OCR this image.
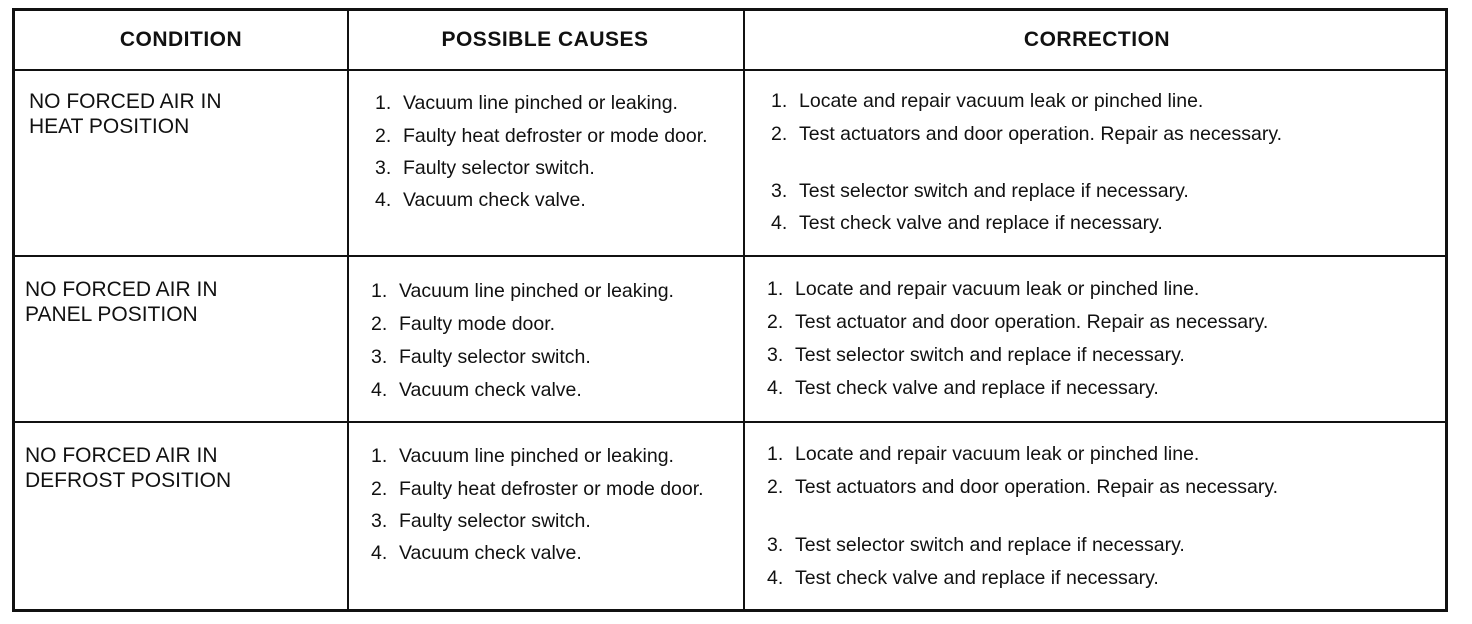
CONDITION	POSSIBLE CAUSES	CORRECTION
NO FORCED AIR IN
HEAT POSITION
1. Vacuum line pinched or leaking.
2. Faulty heat defroster or mode door.
3. Faulty selector switch.
4. Vacuum check valve.
1. Locate and repair vacuum leak or pinched line.
2. Test actuators and door operation. Repair as necessary.
3. Test selector switch and replace if necessary.
4. Test check valve and replace if necessary.
NO FORCED AIR IN
PANEL POSITION
1. Vacuum line pinched or leaking.
2. Faulty mode door.
3. Faulty selector switch.
4. Vacuum check valve.
1. Locate and repair vacuum leak or pinched line.
2. Test actuator and door operation. Repair as necessary.
3. Test selector switch and replace if necessary.
4. Test check valve and replace if necessary.
NO FORCED AIR IN
DEFROST POSITION
1. Vacuum line pinched or leaking.
2. Faulty heat defroster or mode door.
3. Faulty selector switch.
4. Vacuum check valve.
1. Locate and repair vacuum leak or pinched line.
2. Test actuators and door operation. Repair as necessary.
3. Test selector switch and replace if necessary.
4. Test check valve and replace if necessary.
